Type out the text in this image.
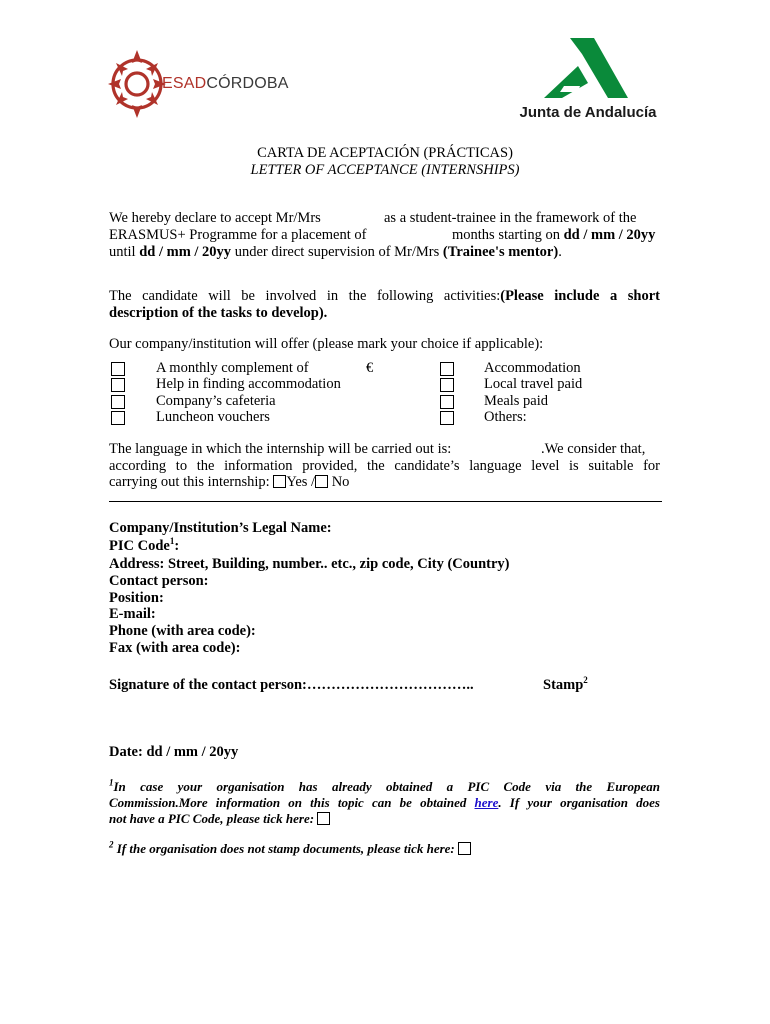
ESADCÓRDOBA
Junta de Andalucía
CARTA DE ACEPTACIÓN (PRÁCTICAS)
LETTER OF ACCEPTANCE (INTERNSHIPS)
We hereby declare to accept Mr/Mrs	as a student-trainee in the framework of the
ERASMUS+ Programme for a placement of	months starting on dd / mm / 20yy
until dd / mm / 20yy under direct supervision of Mr/Mrs (Trainee's mentor).
The candidate will be involved in the following activities:(Please include a short
description of the tasks to develop).
Our company/institution will offer (please mark your choice if applicable):
A monthly complement of	€
Help in finding accommodation
Company’s cafeteria
Luncheon vouchers
Accommodation
Local travel paid
Meals paid
Others:
The language in which the internship will be carried out is:	.We consider that,
according to the information provided, the candidate’s language level is suitable for
carrying out this internship: Yes / No
Company/Institution’s Legal Name:
PIC Code$^1$:
Address: Street, Building, number.. etc., zip code, City (Country)
Contact person:
Position:
E-mail:
Phone (with area code):
Fax (with area code):
Signature of the contact person:……………………………..	Stamp$^2$
Date: dd / mm / 20yy
$^1$In case your organisation has already obtained a PIC Code via the European
Commission.More information on this topic can be obtained here. If your organisation does
not have a PIC Code, please tick here:
$^2$ If the organisation does not stamp documents, please tick here:
